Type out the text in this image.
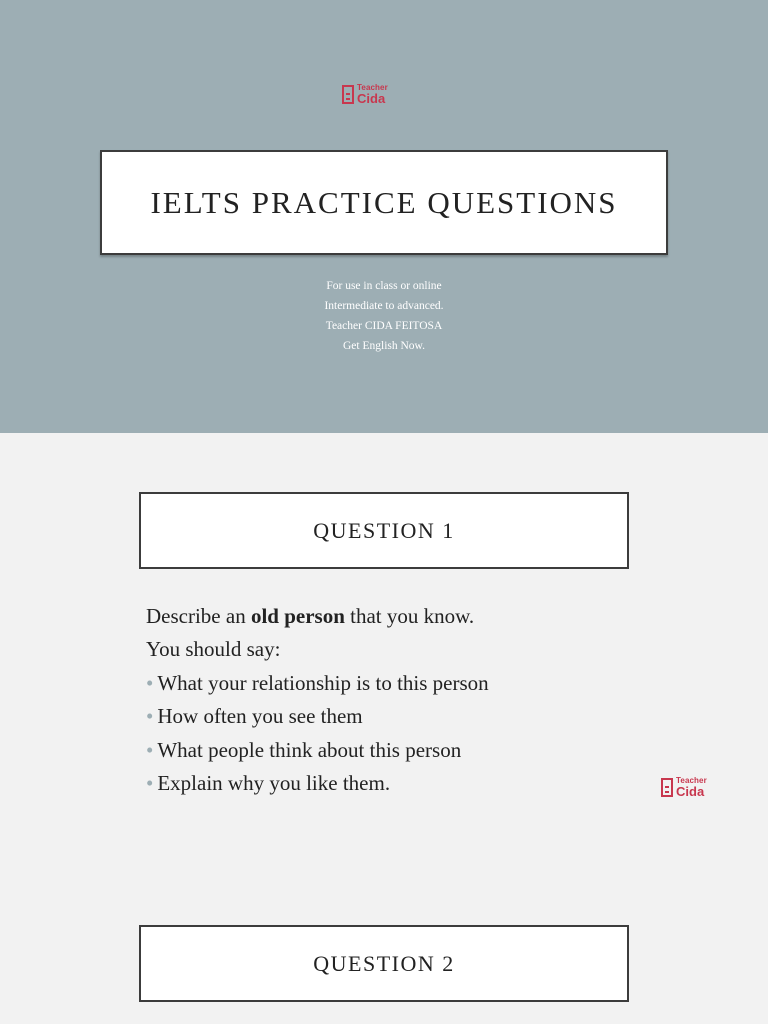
Teacher
Cida
IELTS PRACTICE QUESTIONS
For use in class or online
Intermediate to advanced.
Teacher CIDA FEITOSA
Get English Now.
QUESTION 1
Describe an old person that you know.
You should say:
• What your relationship is to this person
• How often you see them
• What people think about this person
• Explain why you like them.	Teacher
Cida
QUESTION 2
